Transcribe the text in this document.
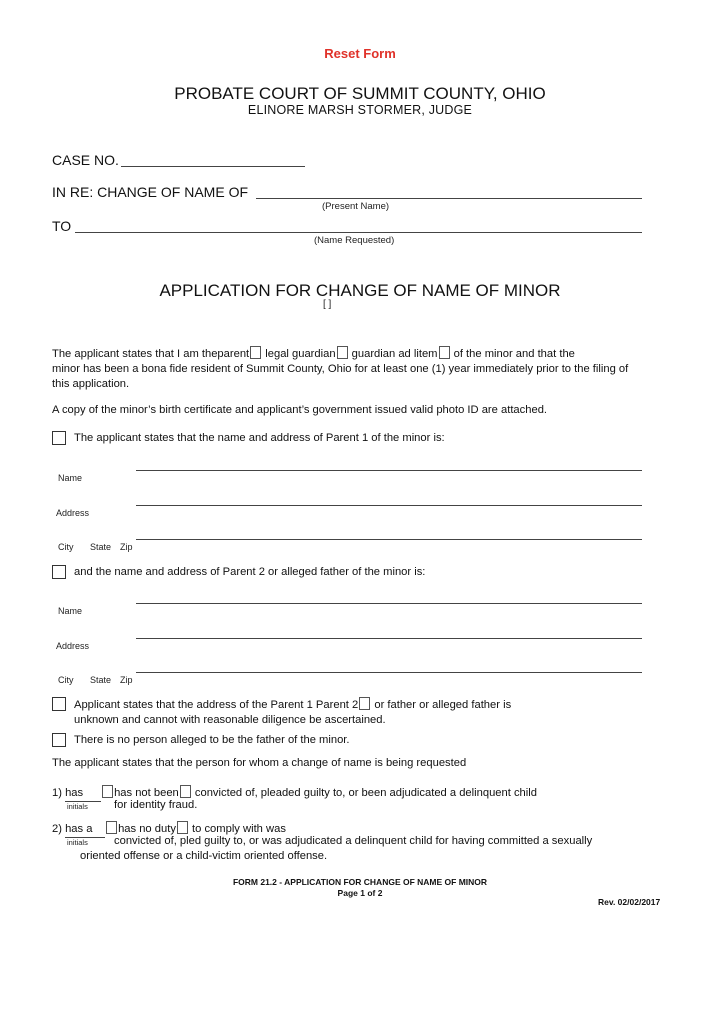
Reset Form
PROBATE COURT OF SUMMIT COUNTY, OHIO
ELINORE MARSH STORMER, JUDGE
CASE NO.
IN RE: CHANGE OF NAME OF
(Present Name)
TO
(Name Requested)
APPLICATION FOR CHANGE OF NAME OF MINOR
[ ]
The applicant states that I am theparent legal guardian guardian ad litem of the minor and that the
minor has been a bona fide resident of Summit County, Ohio for at least one (1) year immediately prior to the filing of
this application.
A copy of the minor’s birth certificate and applicant’s government issued valid photo ID are attached.
The applicant states that the name and address of Parent 1 of the minor is:
Name
Address
City State Zip
and the name and address of Parent 2 or alleged father of the minor is:
Name
Address
City State Zip
Applicant states that the address of the Parent 1 Parent 2 or father or alleged father is
unknown and cannot with reasonable diligence be ascertained.
There is no person alleged to be the father of the minor.
The applicant states that the person for whom a change of name is being requested
1) has	has not been convicted of, pleaded guilty to, or been adjudicated a delinquent child
initials for identity fraud.
2) has a has no duty to comply with was
initials convicted of, pled guilty to, or was adjudicated a delinquent child for having committed a sexually
oriented offense or a child-victim oriented offense.
FORM 21.2 - APPLICATION FOR CHANGE OF NAME OF MINOR
Page 1 of 2
Rev. 02/02/2017
